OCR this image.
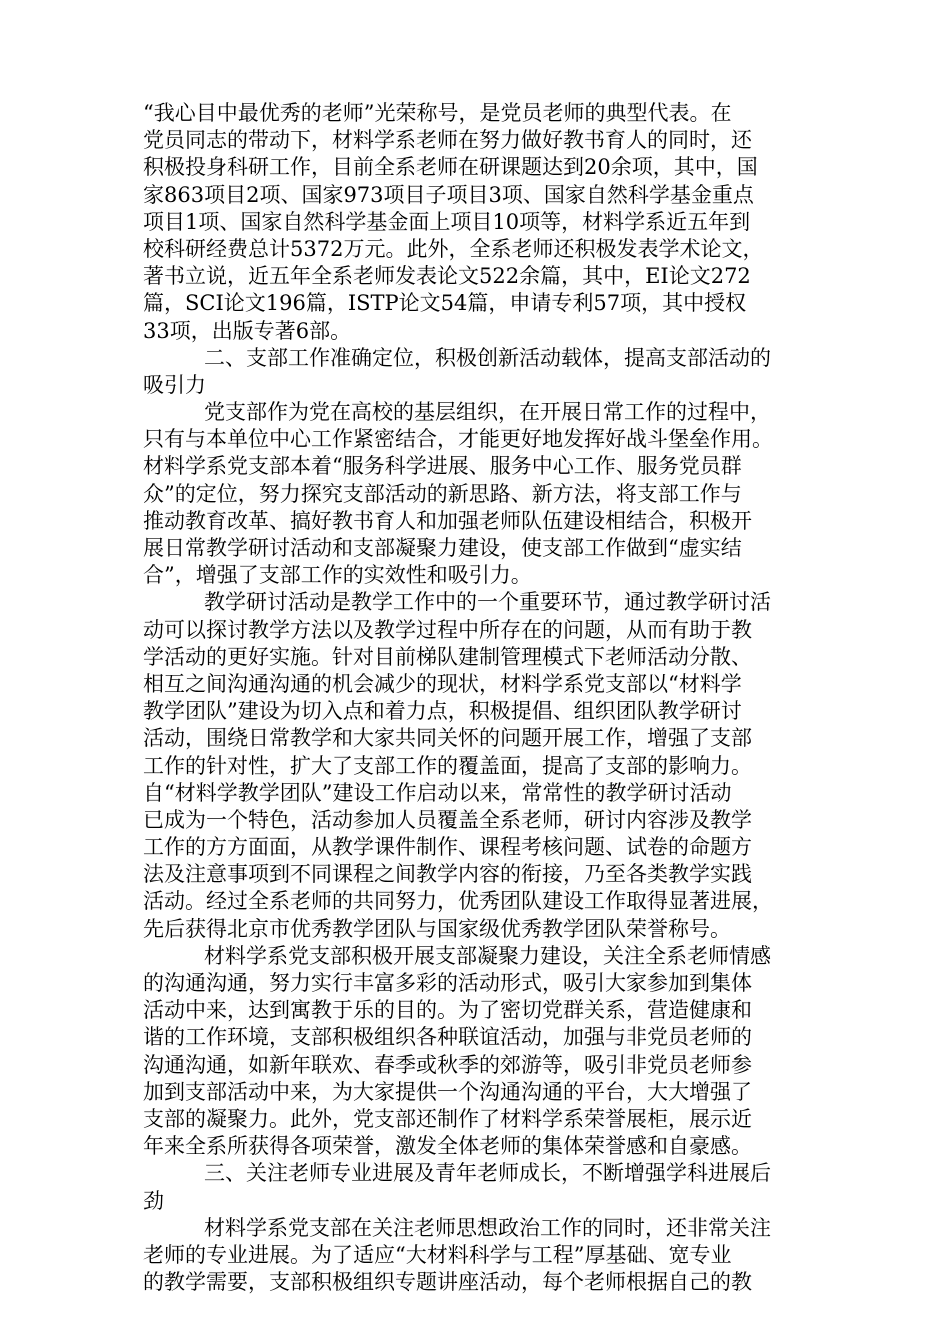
“我心目中最优秀的老师”光荣称号，是党员老师的典型代表。在
党员同志的带动下，材料学系老师在努力做好教书育人的同时，还
积极投身科研工作，目前全系老师在研课题达到20余项，其中，国
家863项目2项、国家973项目子项目3项、国家自然科学基金重点
项目1项、国家自然科学基金面上项目10项等，材料学系近五年到
校科研经费总计5372万元。此外，全系老师还积极发表学术论文，
著书立说，近五年全系老师发表论文522余篇，其中，EI论文272
篇，SCI论文196篇，ISTP论文54篇，申请专利57项，其中授权
33项，出版专著6部。
二、支部工作准确定位，积极创新活动载体，提高支部活动的
吸引力
党支部作为党在高校的基层组织，在开展日常工作的过程中，
只有与本单位中心工作紧密结合，才能更好地发挥好战斗堡垒作用。
材料学系党支部本着“服务科学进展、服务中心工作、服务党员群
众”的定位，努力探究支部活动的新思路、新方法，将支部工作与
推动教育改革、搞好教书育人和加强老师队伍建设相结合，积极开
展日常教学研讨活动和支部凝聚力建设，使支部工作做到“虚实结
合”，增强了支部工作的实效性和吸引力。
教学研讨活动是教学工作中的一个重要环节，通过教学研讨活
动可以探讨教学方法以及教学过程中所存在的问题，从而有助于教
学活动的更好实施。针对目前梯队建制管理模式下老师活动分散、
相互之间沟通沟通的机会减少的现状，材料学系党支部以“材料学
教学团队”建设为切入点和着力点，积极提倡、组织团队教学研讨
活动，围绕日常教学和大家共同关怀的问题开展工作，增强了支部
工作的针对性，扩大了支部工作的覆盖面，提高了支部的影响力。
自“材料学教学团队”建设工作启动以来，常常性的教学研讨活动
已成为一个特色，活动参加人员覆盖全系老师，研讨内容涉及教学
工作的方方面面，从教学课件制作、课程考核问题、试卷的命题方
法及注意事项到不同课程之间教学内容的衔接，乃至各类教学实践
活动。经过全系老师的共同努力，优秀团队建设工作取得显著进展，
先后获得北京市优秀教学团队与国家级优秀教学团队荣誉称号。
材料学系党支部积极开展支部凝聚力建设，关注全系老师情感
的沟通沟通，努力实行丰富多彩的活动形式，吸引大家参加到集体
活动中来，达到寓教于乐的目的。为了密切党群关系，营造健康和
谐的工作环境，支部积极组织各种联谊活动，加强与非党员老师的
沟通沟通，如新年联欢、春季或秋季的郊游等，吸引非党员老师参
加到支部活动中来，为大家提供一个沟通沟通的平台，大大增强了
支部的凝聚力。此外，党支部还制作了材料学系荣誉展柜，展示近
年来全系所获得各项荣誉，激发全体老师的集体荣誉感和自豪感。
三、关注老师专业进展及青年老师成长，不断增强学科进展后
劲
材料学系党支部在关注老师思想政治工作的同时，还非常关注
老师的专业进展。为了适应“大材料科学与工程”厚基础、宽专业
的教学需要，支部积极组织专题讲座活动，每个老师根据自己的教
